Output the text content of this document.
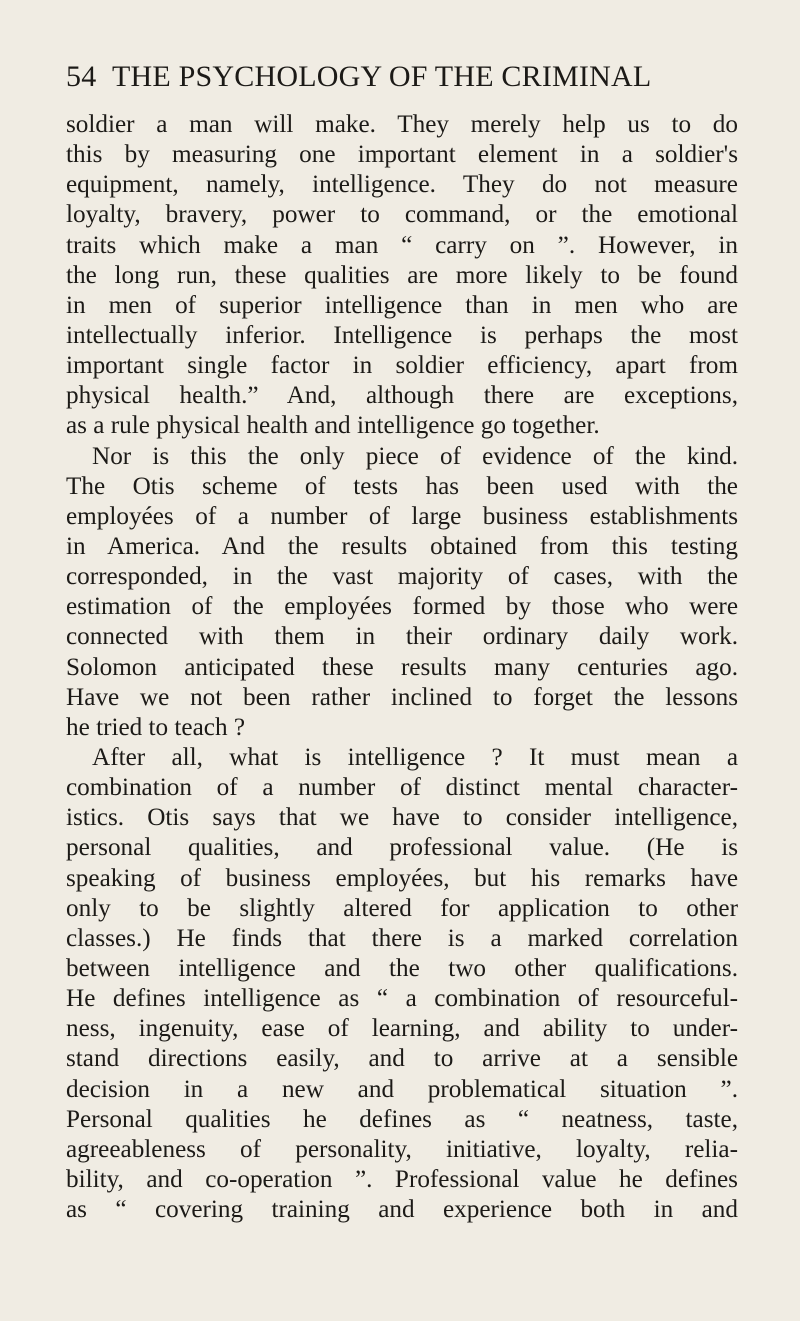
54 THE PSYCHOLOGY OF THE CRIMINAL
soldier a man will make. They merely help us to do
this by measuring one important element in a soldier's
equipment, namely, intelligence. They do not measure
loyalty, bravery, power to command, or the emotional
traits which make a man “ carry on ”. However, in
the long run, these qualities are more likely to be found
in men of superior intelligence than in men who are
intellectually inferior. Intelligence is perhaps the most
important single factor in soldier efficiency, apart from
physical health.” And, although there are exceptions,
as a rule physical health and intelligence go together.
Nor is this the only piece of evidence of the kind.
The Otis scheme of tests has been used with the
employées of a number of large business establishments
in America. And the results obtained from this testing
corresponded, in the vast majority of cases, with the
estimation of the employées formed by those who were
connected with them in their ordinary daily work.
Solomon anticipated these results many centuries ago.
Have we not been rather inclined to forget the lessons
he tried to teach ?
After all, what is intelligence ? It must mean a
combination of a number of distinct mental character-
istics. Otis says that we have to consider intelligence,
personal qualities, and professional value. (He is
speaking of business employées, but his remarks have
only to be slightly altered for application to other
classes.) He finds that there is a marked correlation
between intelligence and the two other qualifications.
He defines intelligence as “ a combination of resourceful-
ness, ingenuity, ease of learning, and ability to under-
stand directions easily, and to arrive at a sensible
decision in a new and problematical situation ”.
Personal qualities he defines as “ neatness, taste,
agreeableness of personality, initiative, loyalty, relia-
bility, and co-operation ”. Professional value he defines
as “ covering training and experience both in and
